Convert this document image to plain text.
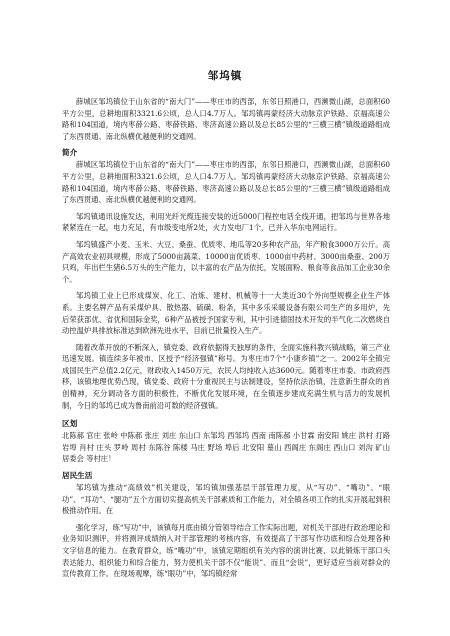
邹坞镇

薛城区邹坞镇位于山东省的“南大门”——枣庄市的西部，东邻日照港口，西濒微山湖，总面积60平方公里，总耕地面积3321.6公顷，总人口4.7万人。邹坞镇再蒙经济大动脉京沪铁路、京福高速公路和104国道，境内枣薛公路、枣薛铁路、枣济高速公路以及总长85公里的“三横三横”镇级道路组成了东西贯通、南北纵横优越便利的交通网。

简介

薛城区邹坞镇位于山东省的“南大门”——枣庄市的西部，东邻日照港口，西濒微山湖，总面积60平方公里，总耕地面积3321.6公顷，总人口4.7万人。邹坞镇再蒙经济大动脉京沪铁路、京福高速公路和104国道，境内枣薛公路、枣薛铁路、枣济高速公路以及总长85公里的“三横三横”镇级道路组成了东西贯通、南北纵横优越便利的交通网。

邹坞镇通讯设施发达，利用光纤光缆连接安装的近5000门程控电话全线开通，把邹坞与世界各地紧紧连在一起，电力充足，有市级变电所2处，火力发电厂1个，已并入华东电网运行。

邹坞镇盛产小麦、玉米、大豆、桑蚕、优质枣、地瓜等20多种农产品，年产粮食3000万公斤。高产高效农业初具规模，形成了5000亩蔬菜、10000亩优质枣、1000亩中药材、3000亩桑蚕、200万只鸡，年出栏生猪6.5万头的生产能力，以丰富的农产品为依托，发展面粉、粮食等食品加工企业30余个。

邹坞镇工业上已形成煤炭、化工、冶炼、建材、机械等十一大类近30个外向型规模企业生产体系。主要名牌产品有采煤炉具、散热器、硫磺、粉条，其中多乐采暖设备有限公司生产的多用炉，先后荣获部优、省优和国际金奖，6种产品被授予国家专利，其中引进德国技术开发的半气化二次燃烧自动控温炉具排放标准达到欧洲先进水平，目前已批量投入生产。

随着改革开放的不断深入，镇党委、政府依据得天独厚的条件，全面实施科教兴镇战略，第三产业迅速发展。镇连续多年被市、区授予“经济强镇”称号。为枣庄市7个“小康乡镇”之一。2002年全镇完成国民生产总值2.2亿元，财政收入1450万元，农民人均纯收入达3600元。随着枣庄市委、市政府西移，该镇地理优势凸现，镇党委、政府十分重视民主与法制建设，坚持依法治镇，注意新生群众的首创精神，充分调动各方面的积极性，不断优化发展环境，在全镇逐步建成充满生机与活力的发展机制，今日的邹坞已成为鲁南前沿可数的经济强镇。

区划

北陈郝 官庄 张岭 中陈郝 张庄 刘庄 东山口 东邹坞 西邹坞 西南 南陈郝 小甘霖 南安阳 姚庄 洪村 打路 岩埠 肖村 庄头 罗岭 周村 东陈谷 陈楼 马庄 野场 埠后 北安阳 墓山 西阁庄 东阁庄 西山口 刘沟 矿山居委会 等村庄！

居民生活

邹坞镇为推动“高绩效”机关建设，邹坞镇加强基层干部管理力度，从“写功”、“嘴功”、“眼功”、“耳功”、“腿功”五个方面切实提高机关干部素质和工作能力，对全镇各项工作的扎实开展起到积极推动作用。在

强化学习，练“写功”中，该镇每月底由镇分管领导结合工作实际出题，对机关干部进行政治理论和业务知识测评，并将测评成绩纳入对干部管理的考核内容，有效提高了干部写作功底和综合处理各种文字信息的能力。在教育群众，练“嘴功”中，该镇定期组织有关内容的演讲比赛，以此锻炼干部口头表达能力、组织能力和综合能力，努力使机关干部不仅“能说”、而且“会说”，更好适应当前对群众的宣传教育工作。在现场观摩，练“眼功”中，邹坞镇经常
